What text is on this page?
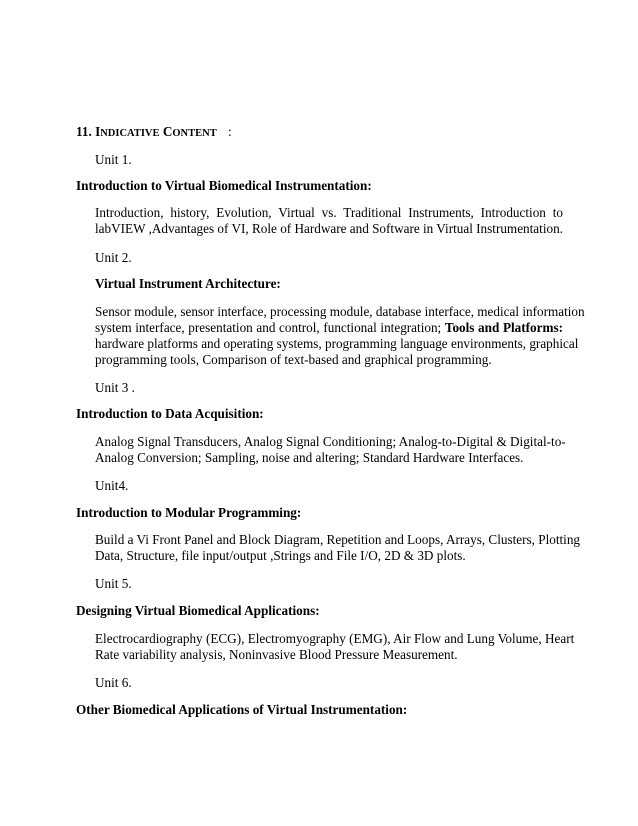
11. INDICATIVE CONTENT :
Unit 1.
Introduction to Virtual Biomedical Instrumentation:
Introduction, history, Evolution, Virtual vs. Traditional Instruments, Introduction to
labVIEW ,Advantages of VI, Role of Hardware and Software in Virtual Instrumentation.
Unit 2.
Virtual Instrument Architecture:
Sensor module, sensor interface, processing module, database interface, medical information
system interface, presentation and control, functional integration; Tools and Platforms:
hardware platforms and operating systems, programming language environments, graphical
programming tools, Comparison of text-based and graphical programming.
Unit 3 .
Introduction to Data Acquisition:
Analog Signal Transducers, Analog Signal Conditioning; Analog-to-Digital & Digital-to-
Analog Conversion; Sampling, noise and altering; Standard Hardware Interfaces.
Unit4.
Introduction to Modular Programming:
Build a Vi Front Panel and Block Diagram, Repetition and Loops, Arrays, Clusters, Plotting
Data, Structure, file input/output ,Strings and File I/O, 2D & 3D plots.
Unit 5.
Designing Virtual Biomedical Applications:
Electrocardiography (ECG), Electromyography (EMG), Air Flow and Lung Volume, Heart
Rate variability analysis, Noninvasive Blood Pressure Measurement.
Unit 6.
Other Biomedical Applications of Virtual Instrumentation:
